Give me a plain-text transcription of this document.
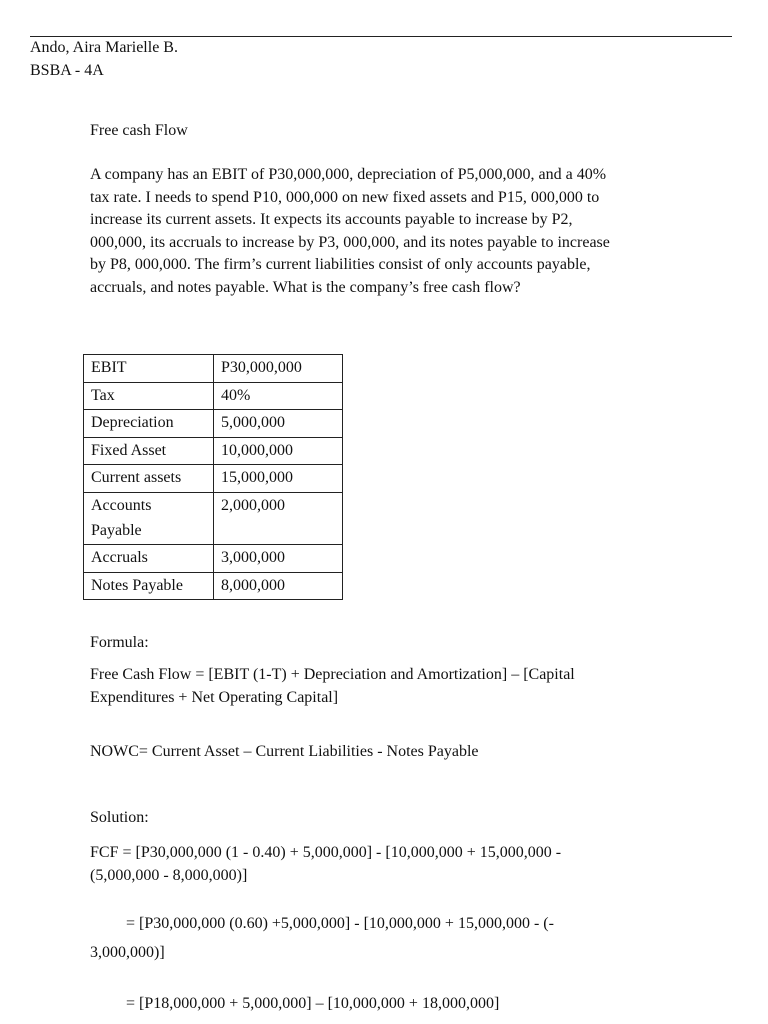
Ando, Aira Marielle B.
BSBA - 4A
Free cash Flow
A company has an EBIT of P30,000,000, depreciation of P5,000,000, and a 40%
tax rate. I needs to spend P10, 000,000 on new fixed assets and P15, 000,000 to
increase its current assets. It expects its accounts payable to increase by P2,
000,000, its accruals to increase by P3, 000,000, and its notes payable to increase
by P8, 000,000. The firm’s current liabilities consist of only accounts payable,
accruals, and notes payable. What is the company’s free cash flow?
EBIT	P30,000,000
Tax	40%
Depreciation	5,000,000
Fixed Asset	10,000,000
Current assets	15,000,000

Accounts
Payable	2,000,000
Accruals	3,000,000
Notes Payable	8,000,000
Formula:
Free Cash Flow = [EBIT (1-T) + Depreciation and Amortization] – [Capital
Expenditures + Net Operating Capital]
NOWC= Current Asset – Current Liabilities - Notes Payable
Solution:
FCF = [P30,000,000 (1 - 0.40) + 5,000,000] - [10,000,000 + 15,000,000 -
(5,000,000 - 8,000,000)]
= [P30,000,000 (0.60) +5,000,000] - [10,000,000 + 15,000,000 - (-
3,000,000)]
= [P18,000,000 + 5,000,000] – [10,000,000 + 18,000,000]
